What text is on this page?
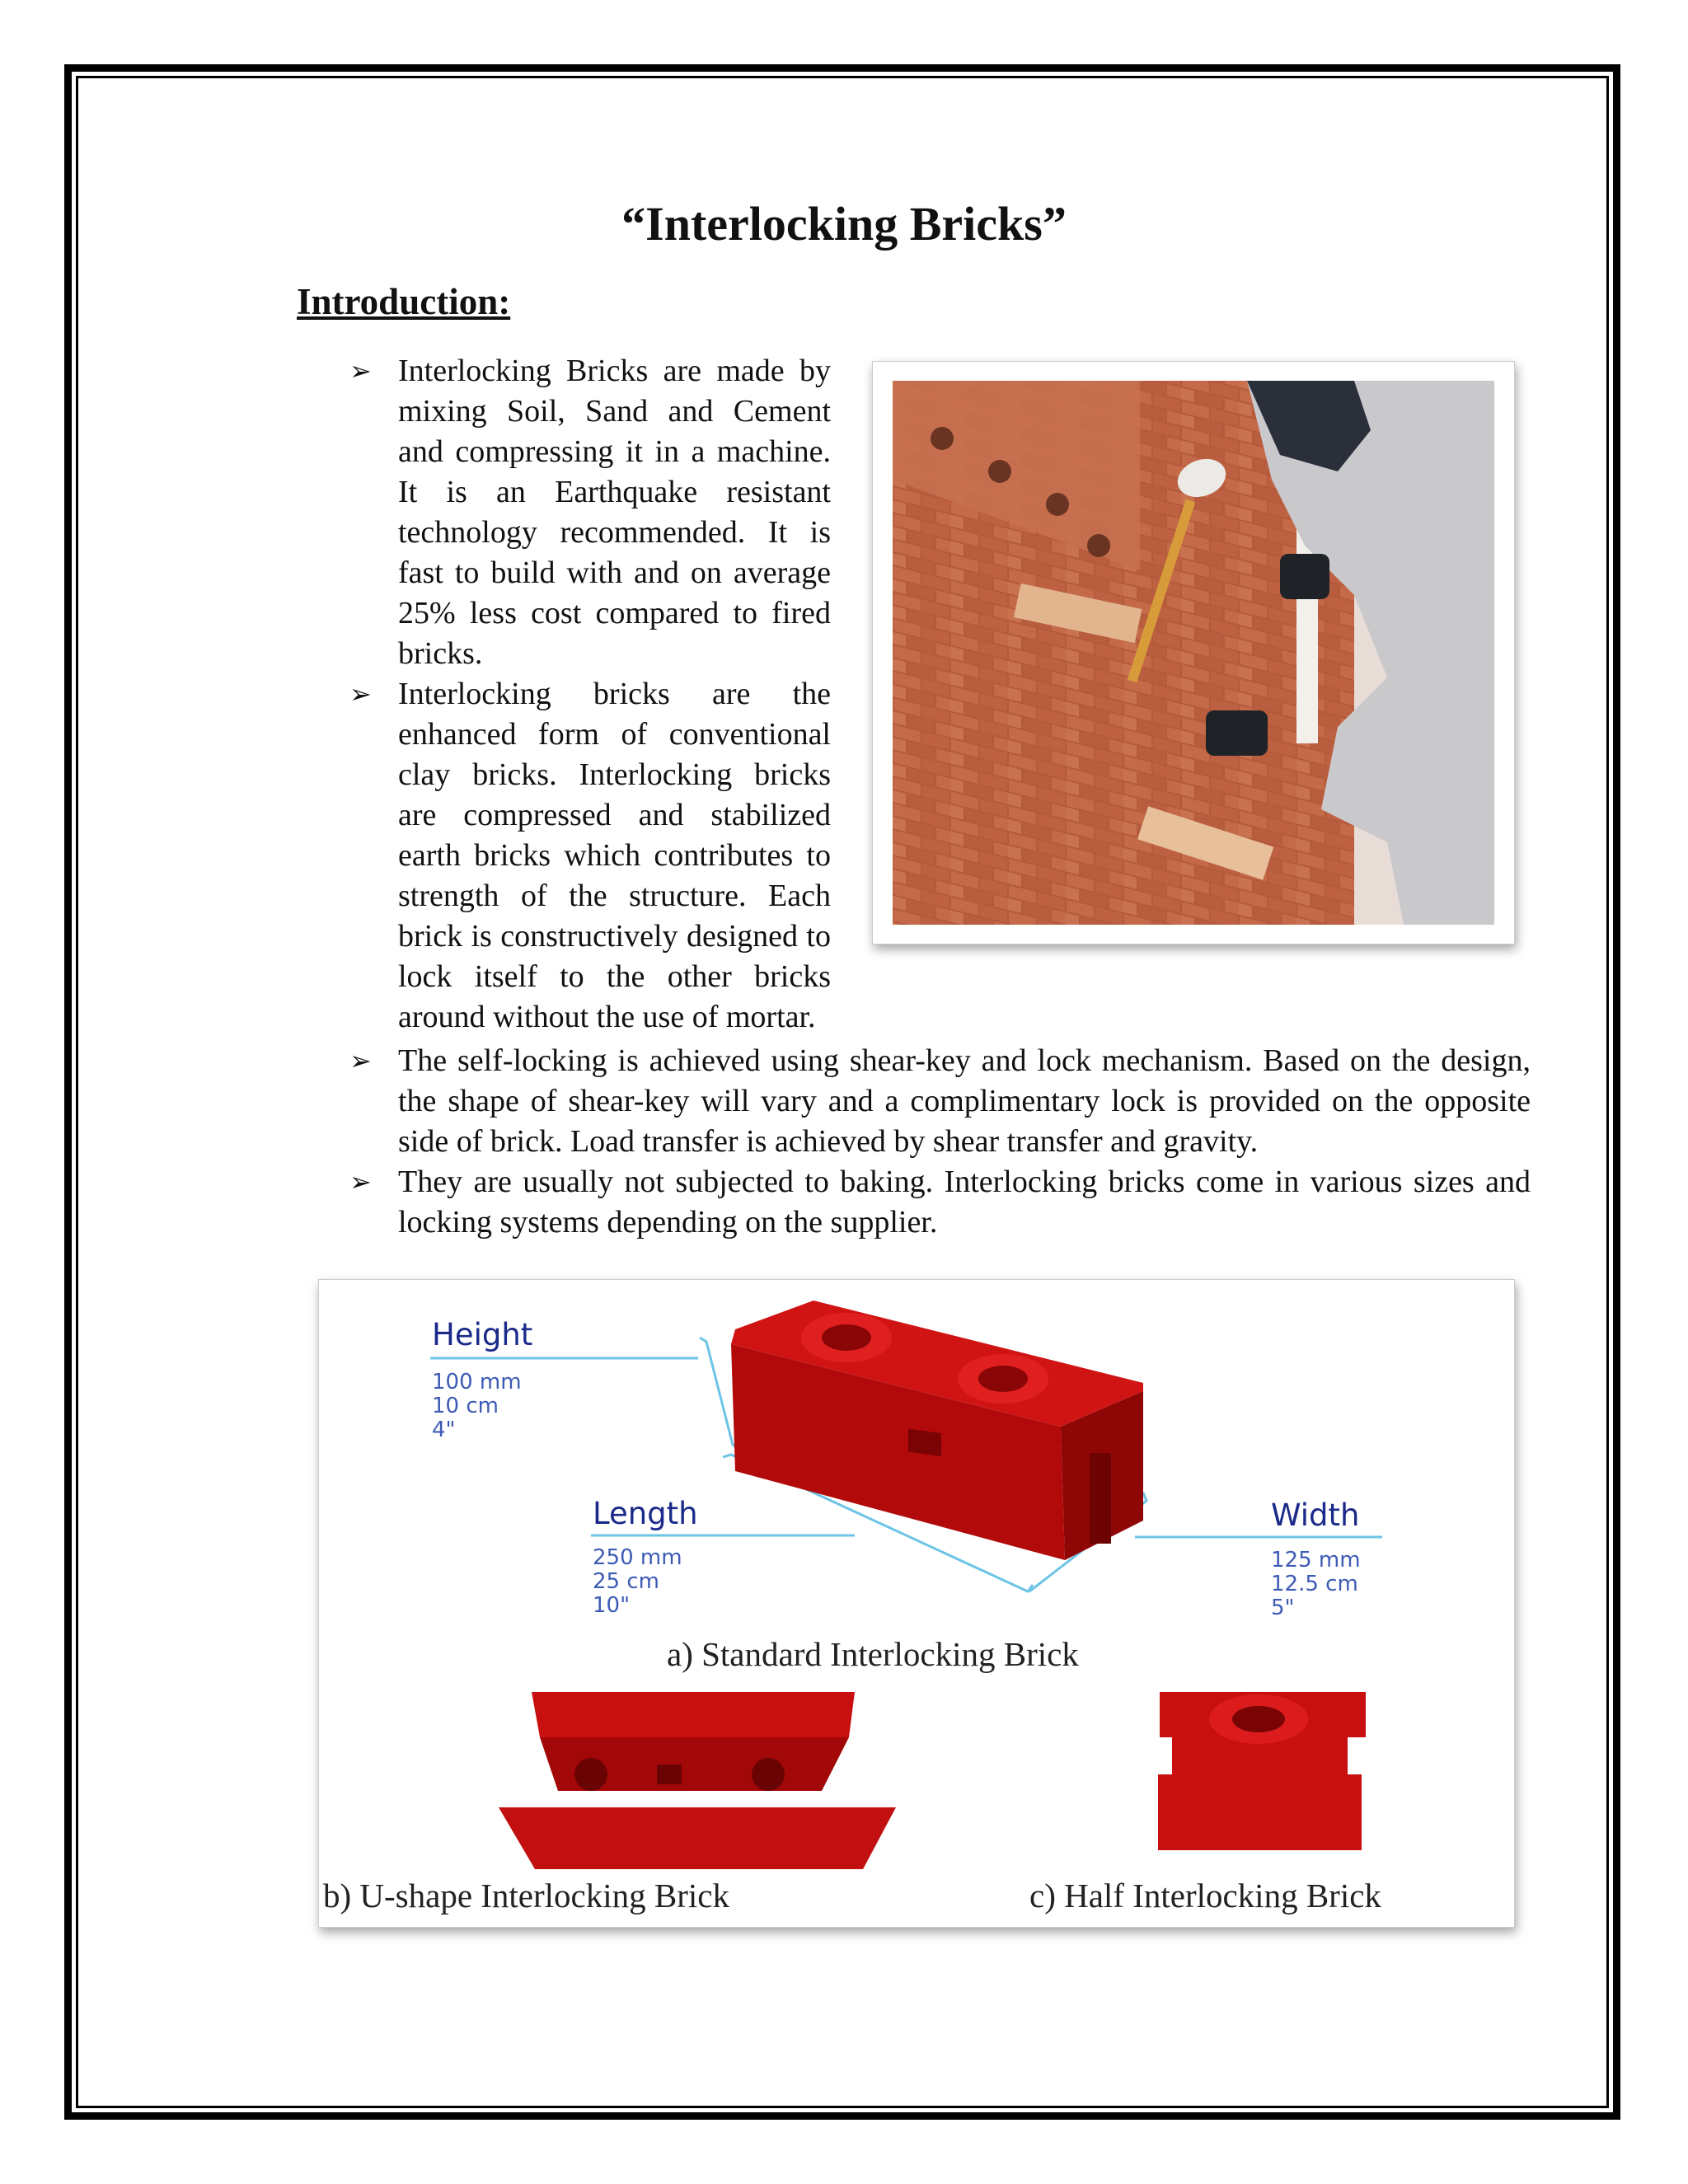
“Interlocking Bricks”
Introduction:
➢ Interlocking Bricks are made by mixing Soil, Sand and Cement and compressing it in a machine. It is an Earthquake resistant technology recommended. It is fast to build with and on average 25% less cost compared to fired bricks.
➢ Interlocking bricks are the enhanced form of conventional clay bricks. Interlocking bricks are compressed and stabilized earth bricks which contributes to strength of the structure. Each brick is constructively designed to lock itself to the other bricks around without the use of mortar.
➢ The self-locking is achieved using shear-key and lock mechanism. Based on the design, the shape of shear-key will vary and a complimentary lock is provided on the opposite side of brick. Load transfer is achieved by shear transfer and gravity.
➢ They are usually not subjected to baking. Interlocking bricks come in various sizes and locking systems depending on the supplier.
Height
100 mm
10 cm
4"
Length
250 mm
25 cm
10"
Width
125 mm
12.5 cm
5"
a) Standard Interlocking Brick
b) U-shape Interlocking Brick	c) Half Interlocking Brick
